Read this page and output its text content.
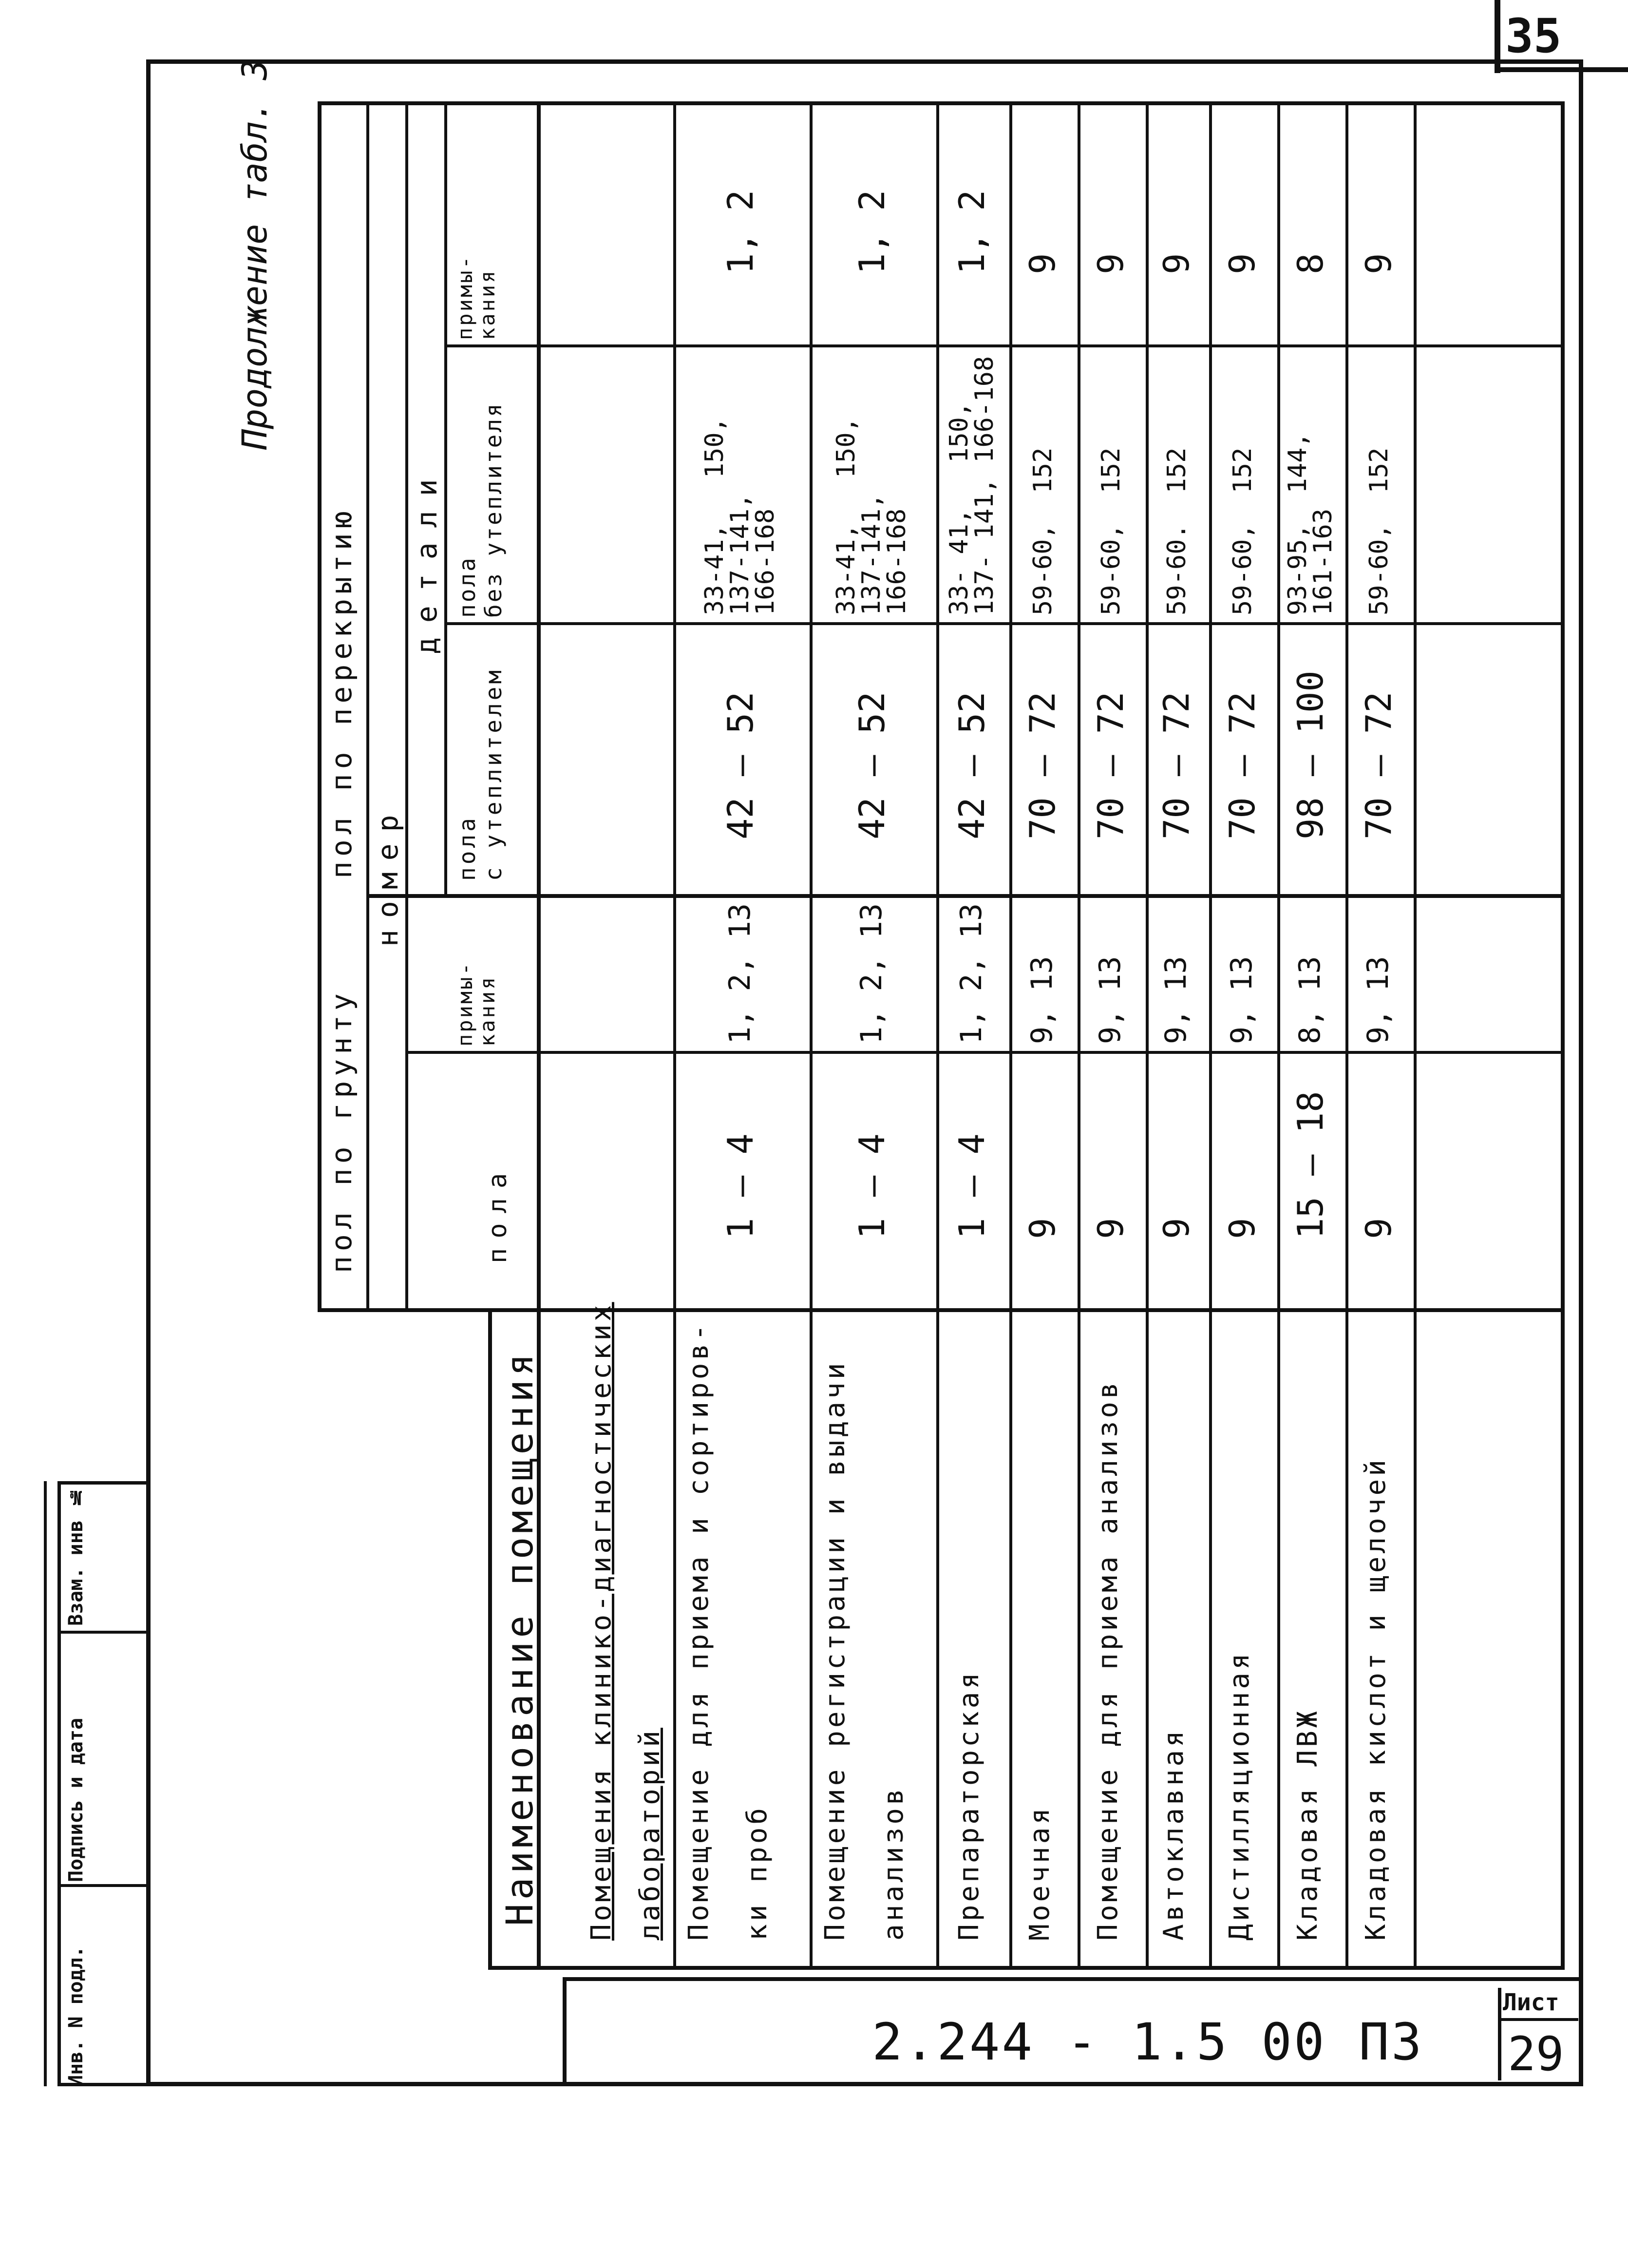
35
Взам. инв №
Подпись и дата
Инв. N подл.	2.244 - 1.5 00 ПЗ
Лист
29
Продолжение табл. 3
Наименование помещения
пол по грунту
пол по перекрытию номер
детали
пола
примы-
кания
пола
с утеплителем
пола
без утеплителя
примы-
кания
Помещения клинико-диагностических лабораторий Помещение для приема и сортиров- ки проб
1 — 4
1, 2, 13
42 — 52
33-41,   150,
137-141,
166-168
1, 2
Помещение регистрации и выдачи анализов
1 — 4
1, 2, 13
42 — 52
33-41,   150,
137-141,
166-168
1, 2
Препараторская
1 — 4
1, 2, 13
42 — 52
33- 41,   150,
137- 141, 166-168
1, 2
Моечная
9
9, 13
70 — 72
59-60,  152
9
Помещение для приема анализов
9
9, 13
70 — 72
59-60,  152
9
Автоклавная
9
9, 13
70 — 72
59-60.  152
9
Дистилляционная
9
9, 13
70 — 72
59-60,  152
9
Кладовая ЛВЖ
15 — 18
8, 13
98 — 100
93-95,  144,
161-163
8
Кладовая кислот и щелочей
9
9, 13
70 — 72
59-60,  152
9
